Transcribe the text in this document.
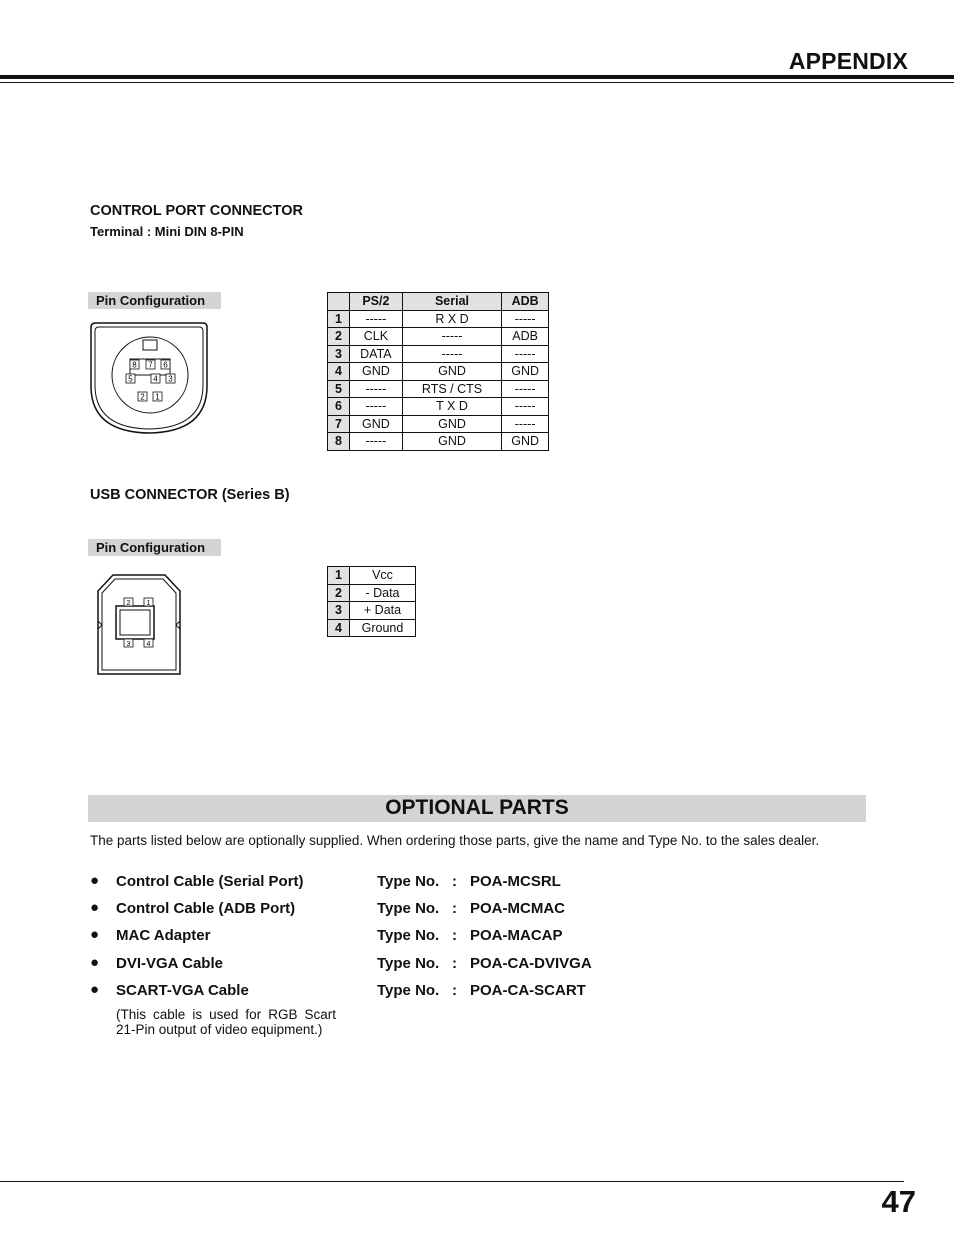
APPENDIX
CONTROL PORT CONNECTOR
Terminal : Mini DIN 8-PIN
Pin Configuration
8 7 6
5	4 3
2 1
	PS/2	Serial	ADB
1	-----	R X D	-----
2	CLK	-----	ADB
3	DATA	-----	-----
4	GND	GND	GND
5	-----	RTS / CTS	-----
6	-----	T X D	-----
7	GND	GND	-----
8	-----	GND	GND
USB CONNECTOR (Series B)
Pin Configuration
2 1
3 4
1	Vcc
2	- Data
3	+ Data
4	Ground
OPTIONAL PARTS
The parts listed below are optionally supplied. When ordering those parts, give the name and Type No. to the sales dealer.
● Control Cable (Serial Port)	Type No. : POA-MCSRL
● Control Cable (ADB Port)	Type No. : POA-MCMAC
● MAC Adapter	Type No. : POA-MACAP
● DVI-VGA Cable	Type No. : POA-CA-DVIVGA
● SCART-VGA Cable	Type No. : POA-CA-SCART
(This cable is used for RGB Scart 21-Pin output of video equipment.)
47
